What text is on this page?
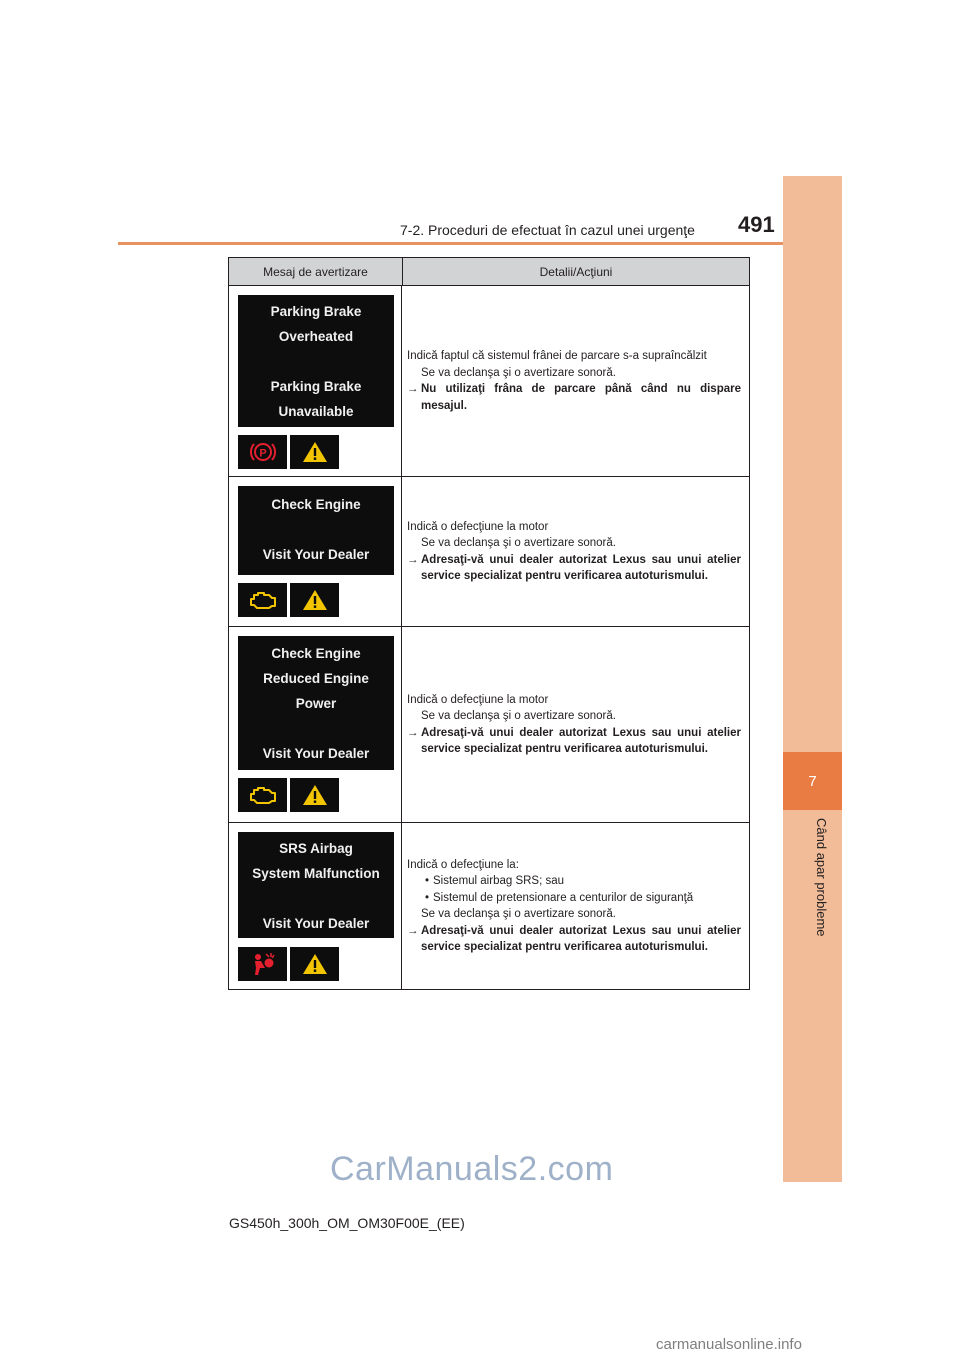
7
Când apar probleme
7-2. Proceduri de efectuat în cazul unei urgenţe 491
Mesaj de avertizare	Detalii/Acţiuni
Parking Brake
Overheated
Parking Brake
Unavailable
P
Indică faptul că sistemul frânei de parcare s-a supraîncălzit
Se va declanşa şi o avertizare sonoră.
→ Nu utilizaţi frâna de parcare până când nu dispare mesajul.
Check Engine
Visit Your Dealer
Indică o defecţiune la motor
Se va declanşa şi o avertizare sonoră.
→ Adresaţi-vă unui dealer autorizat Lexus sau unui atelier service specializat pentru verificarea autoturismului.
Check Engine
Reduced Engine
Power
Visit Your Dealer
Indică o defecţiune la motor
Se va declanşa şi o avertizare sonoră.
→ Adresaţi-vă unui dealer autorizat Lexus sau unui atelier service specializat pentru verificarea autoturismului.
SRS Airbag
System Malfunction
Visit Your Dealer
Indică o defecţiune la:
• Sistemul airbag SRS; sau
• Sistemul de pretensionare a centurilor de siguranţă
Se va declanşa şi o avertizare sonoră.
→ Adresaţi-vă unui dealer autorizat Lexus sau unui atelier service specializat pentru verificarea autoturismului.
CarManuals2.com
GS450h_300h_OM_OM30F00E_(EE)
carmanualsonline.info
